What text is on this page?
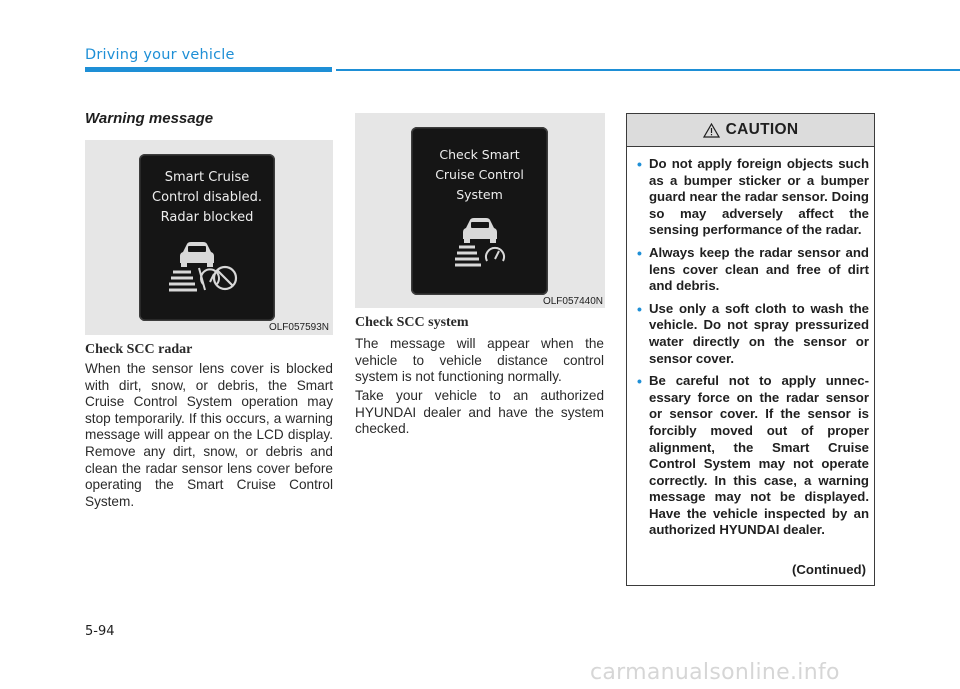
Driving your vehicle
Warning message
Smart Cruise
Control disabled.
Radar blocked
OLF057593N
Check SCC radar

When the sensor lens cover is blocked with dirt, snow, or debris, the Smart Cruise Control System operation may stop temporarily. If this occurs, a warning message will appear on the LCD display. Remove any dirt, snow, or debris and clean the radar sensor lens cover before operating the Smart Cruise Control System.

Check Smart
Cruise Control
System
OLF057440N
Check SCC system

The message will appear when the vehicle to vehicle distance control system is not functioning normally.

Take your vehicle to an authorized HYUNDAI dealer and have the system checked.

CAUTION
• Do not apply foreign objects such as a bumper sticker or a bumper guard near the radar sensor. Doing so may adversely affect the sensing performance of the radar.
• Always keep the radar sensor and lens cover clean and free of dirt and debris.
• Use only a soft cloth to wash the vehicle. Do not spray pressurized water directly on the sensor or sensor cover.
• Be careful not to apply unnecessary force on the radar sensor or sensor cover. If the sensor is forcibly moved out of proper alignment, the Smart Cruise Control System may not operate correctly. In this case, a warning message may not be displayed. Have the vehicle inspected by an authorized HYUNDAI dealer.
(Continued)
5-94
carmanualsonline.info
